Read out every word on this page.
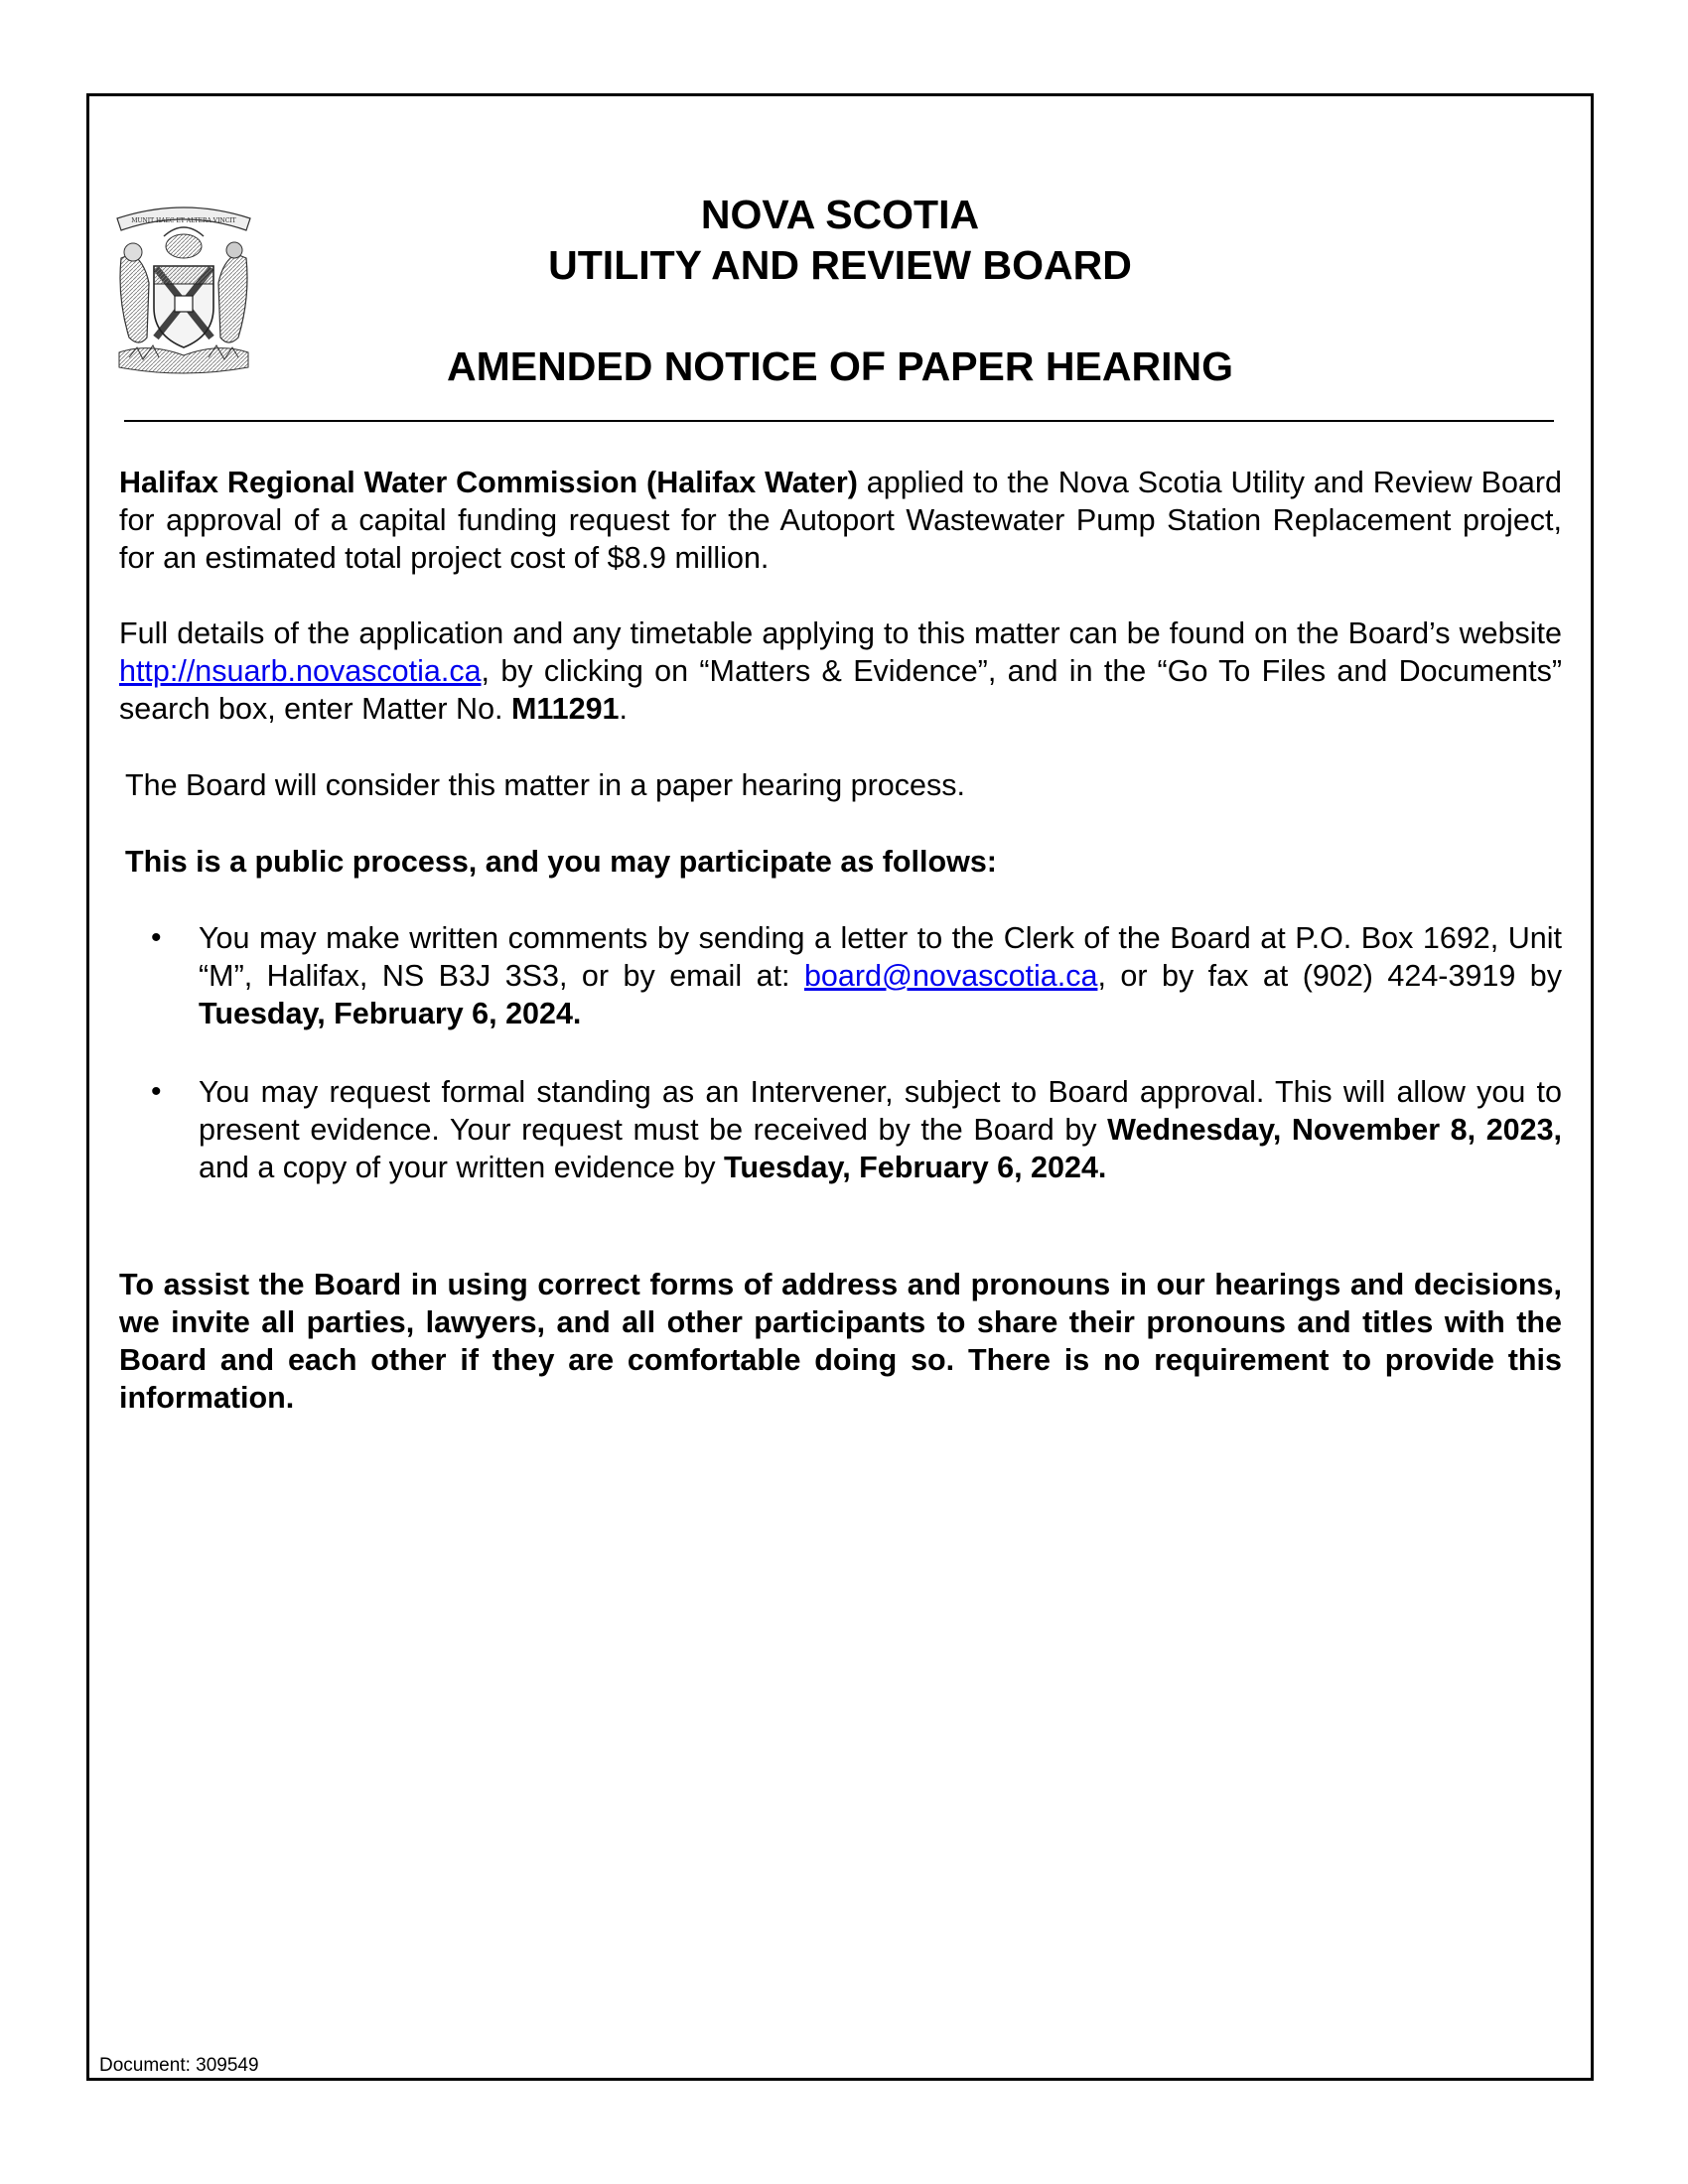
MUNIT HAEC ET ALTERA VINCIT	NOVA SCOTIA
UTILITY AND REVIEW BOARD
AMENDED NOTICE OF PAPER HEARING

Halifax Regional Water Commission (Halifax Water) applied to the Nova Scotia Utility and Review Board for approval of a capital funding request for the Autoport Wastewater Pump Station Replacement project, for an estimated total project cost of $8.9 million.

Full details of the application and any timetable applying to this matter can be found on the Board’s website http://nsuarb.novascotia.ca, by clicking on “Matters & Evidence”, and in the “Go To Files and Documents” search box, enter Matter No. M11291.

The Board will consider this matter in a paper hearing process.

This is a public process, and you may participate as follows:

• You may make written comments by sending a letter to the Clerk of the Board at P.O. Box 1692, Unit “M”, Halifax, NS B3J 3S3, or by email at: board@novascotia.ca, or by fax at (902) 424-3919 by Tuesday, February 6, 2024.

• You may request formal standing as an Intervener, subject to Board approval. This will allow you to present evidence. Your request must be received by the Board by Wednesday, November 8, 2023, and a copy of your written evidence by Tuesday, February 6, 2024.

To assist the Board in using correct forms of address and pronouns in our hearings and decisions, we invite all parties, lawyers, and all other participants to share their pronouns and titles with the Board and each other if they are comfortable doing so. There is no requirement to provide this information.

Document: 309549
